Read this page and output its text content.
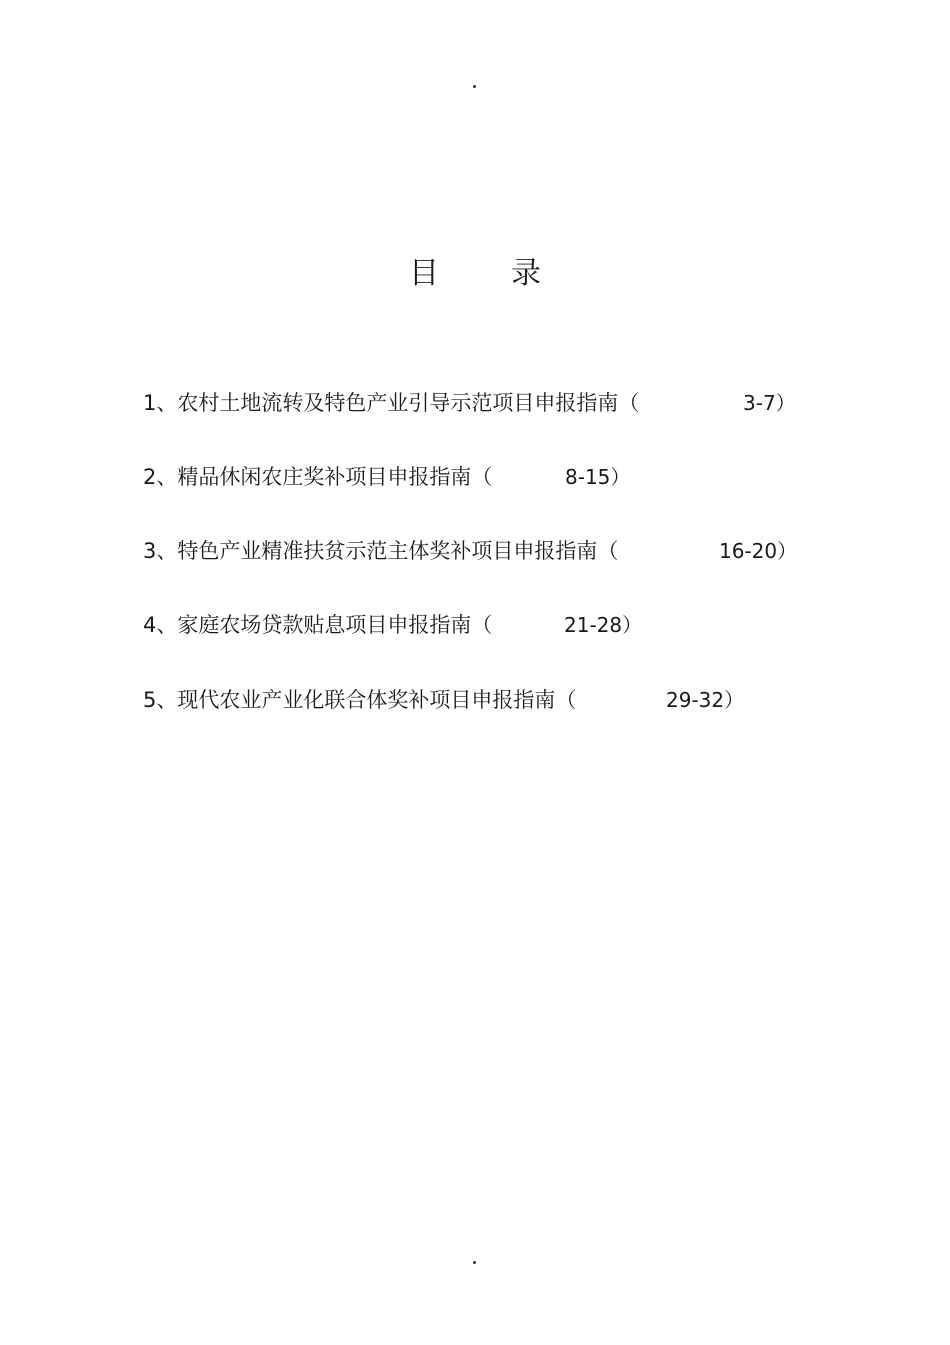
目 录
1、农村土地流转及特色产业引导示范项目申报指南（	3-7）
2、精品休闲农庄奖补项目申报指南（	8-15）
3、特色产业精准扶贫示范主体奖补项目申报指南（	16-20）
4、家庭农场贷款贴息项目申报指南（	21-28）
5、现代农业产业化联合体奖补项目申报指南（	29-32）
